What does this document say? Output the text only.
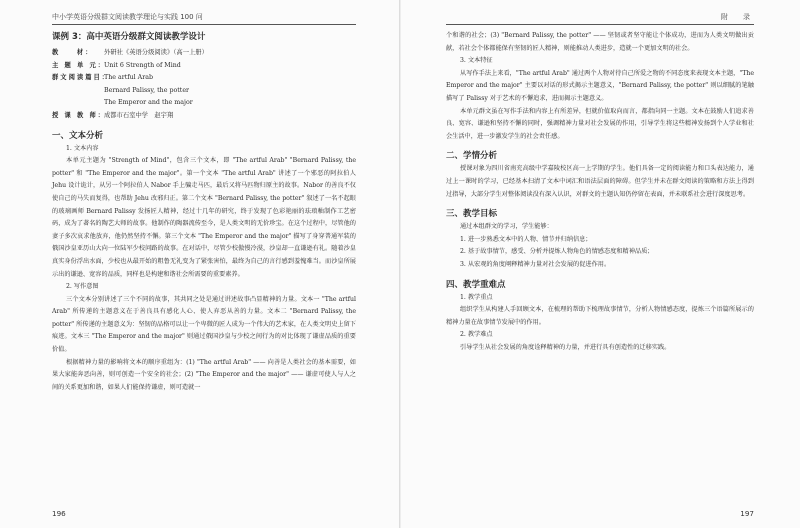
中小学英语分级群文阅读教学理论与实践 100 问
课例 3：高中英语分级群文阅读教学设计
教　　材：	外研社《英语分级阅读》（高一上册）
主 题 单 元：
Unit 6 Strength of Mind
群文阅读篇目：
The artful Arab
Bernard Palissy, the potter
The Emperor and the major
授 课 教 师：
成都市石室中学　赵宇翔
一、文本分析

1. 文本内容

本单元主题为 "Strength of Mind"，包含三个文本，即 "The artful Arab" "Bernard Palissy, the potter" 和 "The Emperor and the major"。第一个文本 "The artful Arab" 讲述了一个邪恶的阿拉伯人 Jehu 设计诡计，从另一个阿拉伯人 Nabor 手上骗走马匹，最后又将马匹物归原主的故事。Nabor 的善良不仅使自己的马失而复得，也帮助 Jehu 改邪归正。第二个文本 "Bernard Palissy, the potter" 叙述了一名不起眼的玻璃画师 Bernard Palissy 发扬匠人精神，经过十几年的研究，终于发现了色彩艳丽的珐琅釉制作工艺密码，成为了著名的陶艺大师的故事。他制作的陶器流传至今，是人类文明的无价珍宝。在这个过程中，尽管他的妻子多次哀求他放弃，他仍然坚持不懈。第三个文本 "The Emperor and the major" 描写了身穿普通军装的俄国沙皇亚历山大向一位陆军少校问路的故事。在对话中，尽管少校傲慢冷漠，沙皇却一直谦逊有礼。随着沙皇真实身份浮出水面，少校也从最开始的粗鲁无礼变为了紧张害怕，最终为自己的言行感到羞愧难当。而沙皇所展示出的谦逊、宽容的品质，同样也是构建和谐社会所需要的重要素养。

2. 写作意图

三个文本分别讲述了三个不同的故事，其共同之处是通过讲述故事凸显精神的力量。文本一 "The artful Arab" 所传递的主题意义在于善良具有感化人心、使人弃恶从善的力量。文本二 "Bernard Palissy, the potter" 所传递的主题意义为：坚韧的品格可以让一个卑微的匠人成为一个伟大的艺术家，在人类文明史上留下痕迹。文本三 "The Emperor and the major" 则通过俄国沙皇与少校之间行为的对比体现了谦虚品质的重要价值。

根据精神力量的影响将文本的顺序重组为：(1) "The artful Arab" —— 向善是人类社会的基本需要，如果大家能奔恶向善，则可创造一个安全的社会；(2) "The Emperor and the major" —— 谦虚可使人与人之间的关系更加和谐，如果人们能保持谦虚，则可造就一

196
附　录

个和谐的社会；(3) "Bernard Palissy, the potter" —— 坚韧或者坚守能让个体成功，进而为人类文明做出贡献，若社会个体都能保有坚韧的匠人精神，则能推动人类进步，造就一个更加文明的社会。

3. 文本特征

从写作手法上来看，"The artful Arab" 通过两个人物对待自己所爱之物的不同态度来表现文本主题，"The Emperor and the major" 主要以对话的形式揭示主题意义，"Bernard Palissy, the potter" 则以细腻的笔触描写了 Palissy 对于艺术的不懈追求，进而揭示主题意义。

本单元群文虽在写作手法和内容上有所差异，但就价值取向而言，都指向同一主题。文本在鼓励人们追求善良、宽容、谦逊和坚持不懈的同时，强调精神力量对社会发展的作用，引导学生将这些精神发扬到个人学业和社会生活中，进一步激发学生的社会责任感。

二、学情分析

授课对象为四川省南充高级中学嘉陵校区高一上学期的学生。他们具备一定的阅读能力和口头表达能力，通过上一课时的学习，已经基本扫清了文本中词汇和语法层面的障碍。但学生并未在群文阅读的策略和方法上得到过指导，大部分学生对整体阅读没有深入认识，对群文的主题认知仍停留在表面，并未联系社会进行深度思考。

三、教学目标

通过本组群文的学习，学生能够：

1. 进一步熟悉文本中的人物、情节并归纳信息；

2. 基于故事情节，感受、分析并提炼人物角色的情感态度和精神品质；

3. 从宏观的角度阐释精神力量对社会发展的促进作用。

四、教学重难点

1. 教学重点

组织学生从构建人手回顾文本，在梳理的帮助下梳理故事情节，分析人物情感态度，提炼三个语篇所展示的精神力量在故事情节发展中的作用。

2. 教学难点

引导学生从社会发展的角度诠释精神的力量，并进行具有创造性的迁移实践。

197
